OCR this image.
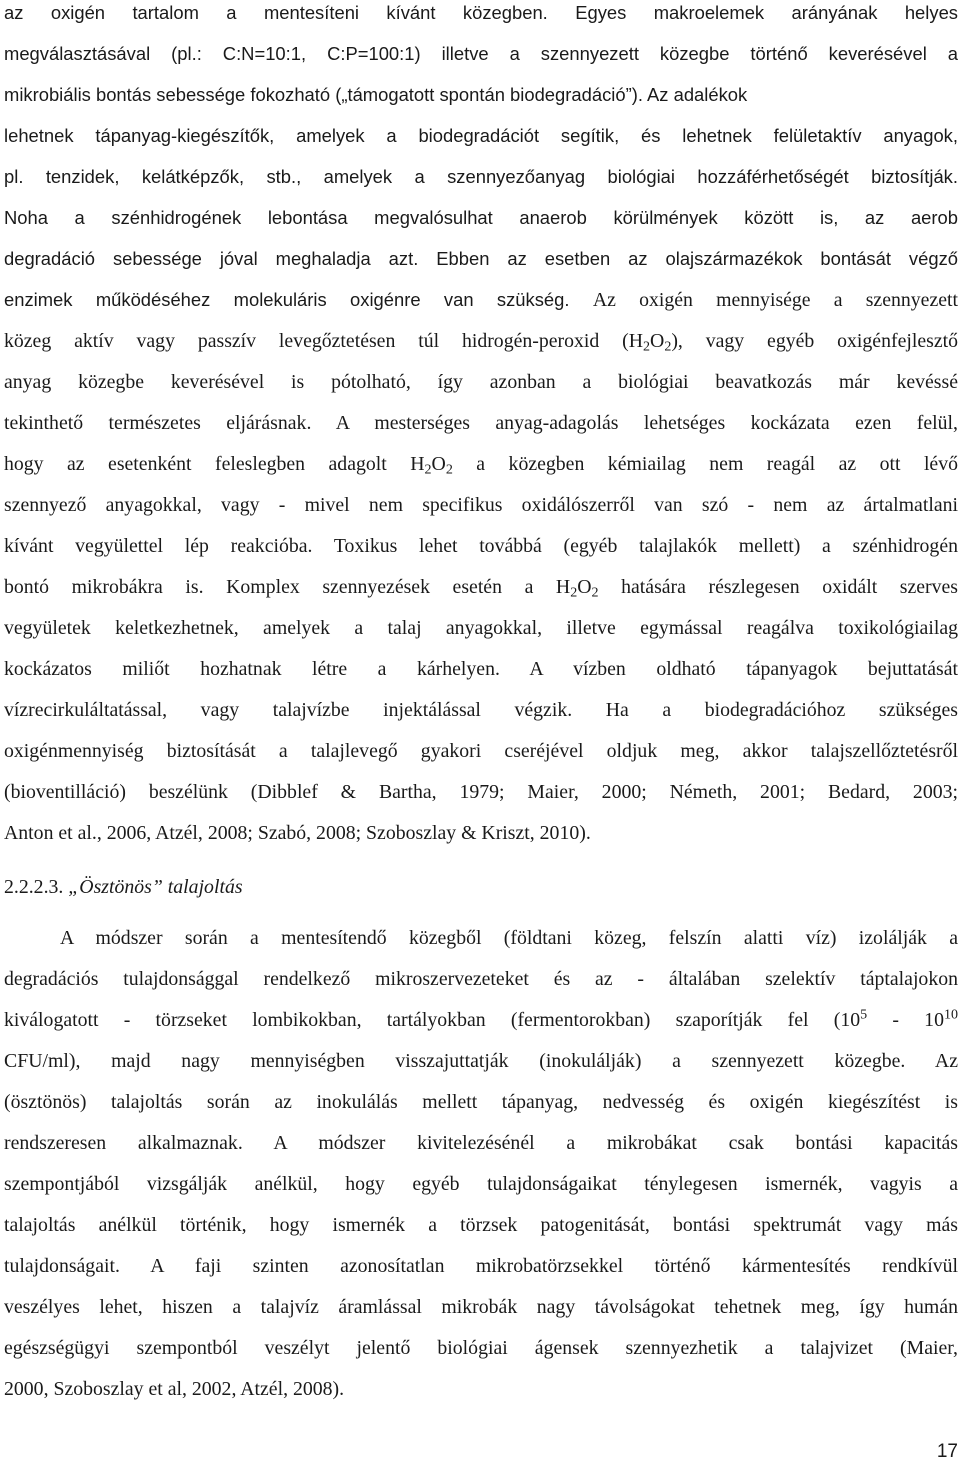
az oxigén tartalom a mentesíteni kívánt közegben. Egyes makroelemek arányának helyes
megválasztásával (pl.: C:N=10:1, C:P=100:1) illetve a szennyezett közegbe történő keverésével a
mikrobiális bontás sebessége fokozható („támogatott spontán biodegradáció”). Az adalékok
lehetnek tápanyag-kiegészítők, amelyek a biodegradációt segítik, és lehetnek felületaktív anyagok,
pl. tenzidek, kelátképzők, stb., amelyek a szennyezőanyag biológiai hozzáférhetőségét biztosítják.
Noha a szénhidrogének lebontása megvalósulhat anaerob körülmények között is, az aerob
degradáció sebessége jóval meghaladja azt. Ebben az esetben az olajszármazékok bontását végző
enzimek működéséhez molekuláris oxigénre van szükség. Az oxigén mennyisége a szennyezett
közeg aktív vagy passzív levegőztetésen túl hidrogén-peroxid $(H_2O_2)$, vagy egyéb oxigénfejlesztő
anyag közegbe keverésével is pótolható, így azonban a biológiai beavatkozás már kevéssé
tekinthető természetes eljárásnak. A mesterséges anyag-adagolás lehetséges kockázata ezen felül,
hogy az esetenként feleslegben adagolt $H_2O_2$ a közegben kémiailag nem reagál az ott lévő
szennyező anyagokkal, vagy - mivel nem specifikus oxidálószerről van szó - nem az ártalmatlani
kívánt vegyülettel lép reakcióba. Toxikus lehet továbbá (egyéb talajlakók mellett) a szénhidrogén
bontó mikrobákra is. Komplex szennyezések esetén a $H_2O_2$ hatására részlegesen oxidált szerves
vegyületek keletkezhetnek, amelyek a talaj anyagokkal, illetve egymással reagálva toxikológiailag
kockázatos miliőt hozhatnak létre a kárhelyen. A vízben oldható tápanyagok bejuttatását
vízrecirkuláltatással, vagy talajvízbe injektálással végzik. Ha a biodegradációhoz szükséges
oxigénmennyiség biztosítását a talajlevegő gyakori cseréjével oldjuk meg, akkor talajszellőztetésről
(bioventilláció) beszélünk (Dibblef & Bartha, 1979; Maier, 2000; Németh, 2001; Bedard, 2003;
Anton et al., 2006, Atzél, 2008; Szabó, 2008; Szoboszlay & Kriszt, 2010).
2.2.2.3. „Ösztönös” talajoltás
A módszer során a mentesítendő közegből (földtani közeg, felszín alatti víz) izolálják a
degradációs tulajdonsággal rendelkező mikroszervezeteket és az - általában szelektív táptalajokon
kiválogatott - törzseket lombikokban, tartályokban (fermentorokban) szaporítják fel ($10^5 - 10^{10}$
CFU/ml), majd nagy mennyiségben visszajuttatják (inokulálják) a szennyezett közegbe. Az
(ösztönös) talajoltás során az inokulálás mellett tápanyag, nedvesség és oxigén kiegészítést is
rendszeresen alkalmaznak. A módszer kivitelezésénél a mikrobákat csak bontási kapacitás
szempontjából vizsgálják anélkül, hogy egyéb tulajdonságaikat ténylegesen ismernék, vagyis a
talajoltás anélkül történik, hogy ismernék a törzsek patogenitását, bontási spektrumát vagy más
tulajdonságait. A faji szinten azonosítatlan mikrobatörzsekkel történő kármentesítés rendkívül
veszélyes lehet, hiszen a talajvíz áramlással mikrobák nagy távolságokat tehetnek meg, így humán
egészségügyi szempontból veszélyt jelentő biológiai ágensek szennyezhetik a talajvizet (Maier,
2000, Szoboszlay et al, 2002, Atzél, 2008).
17
